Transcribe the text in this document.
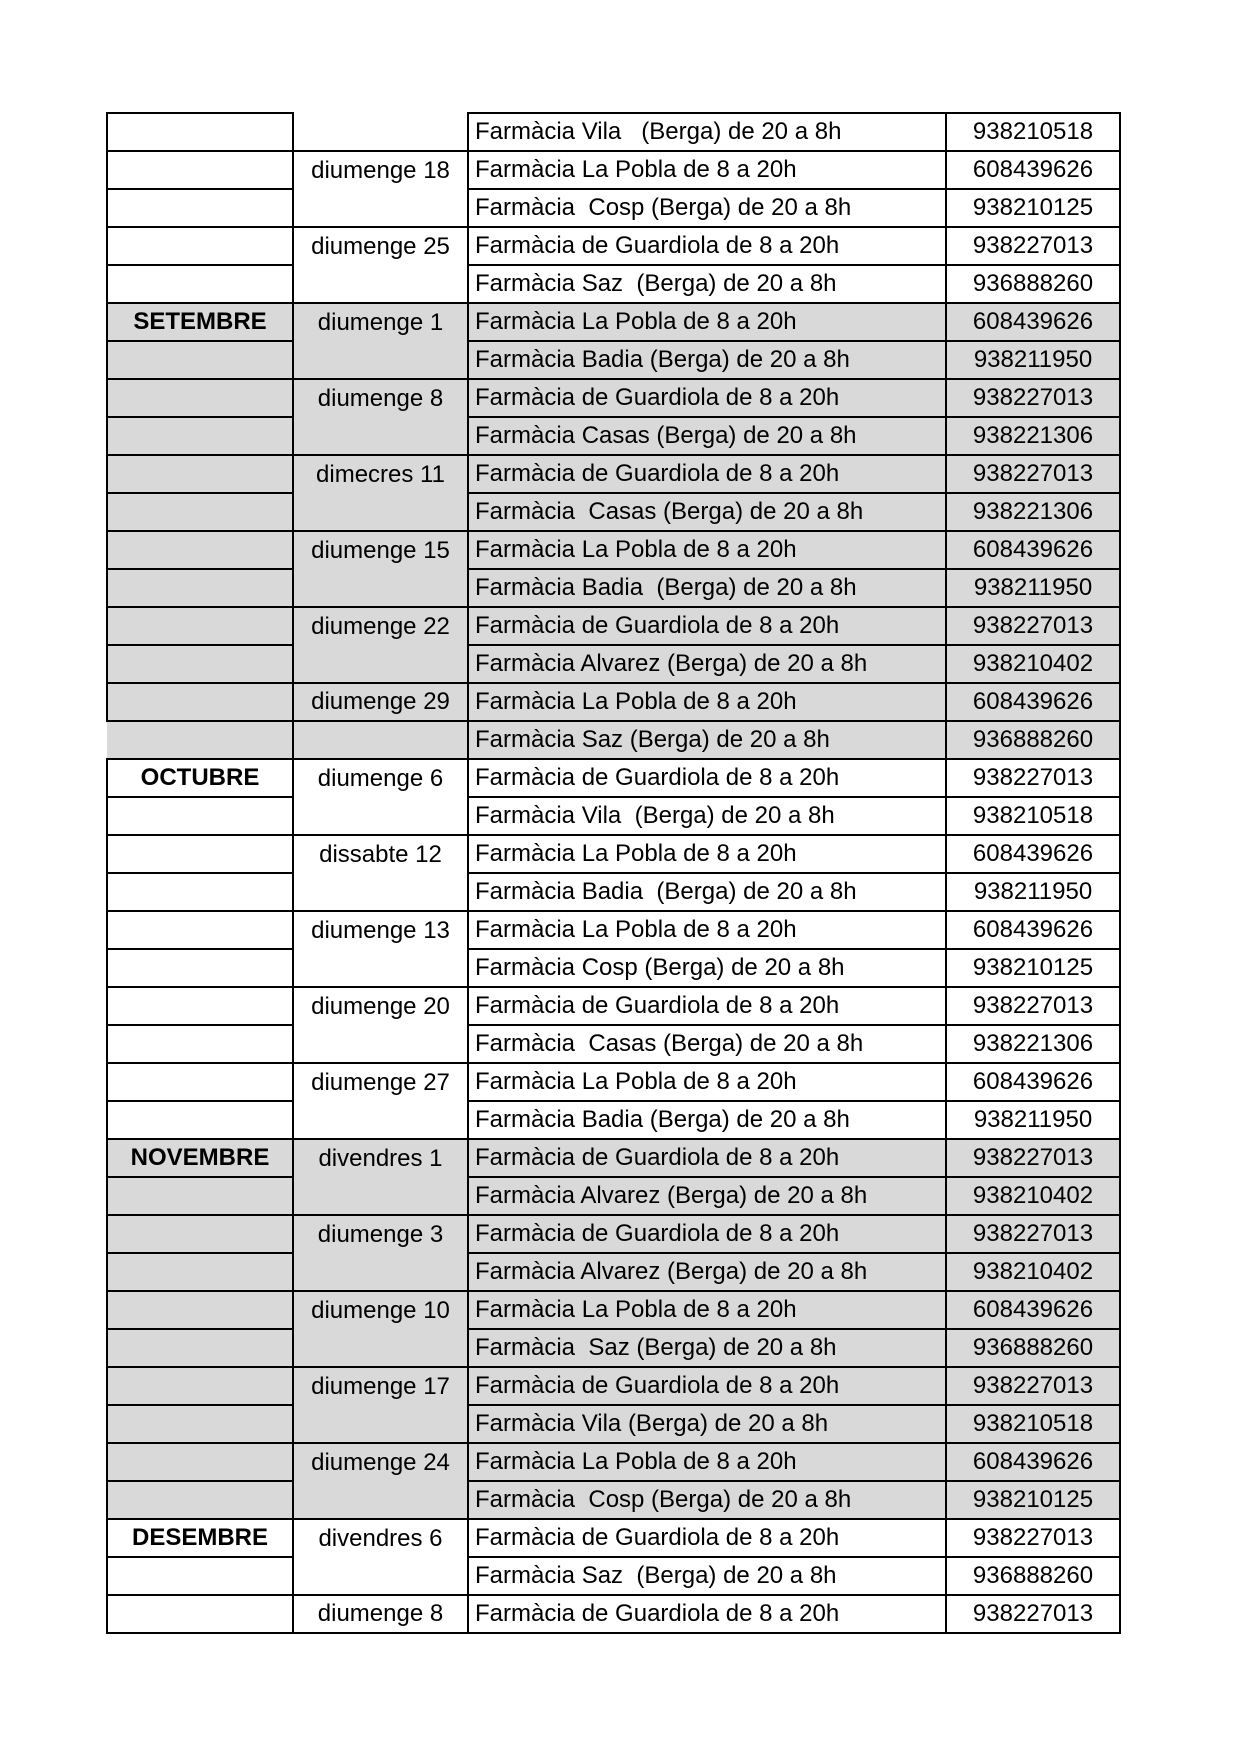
		Farmàcia Vila   (Berga) de 20 a 8h	938210518
	diumenge 18	Farmàcia La Pobla de 8 a 20h	608439626
		Farmàcia  Cosp (Berga) de 20 a 8h	938210125
	diumenge 25	Farmàcia de Guardiola de 8 a 20h	938227013
		Farmàcia Saz  (Berga) de 20 a 8h	936888260
SETEMBRE	diumenge 1	Farmàcia La Pobla de 8 a 20h	608439626
		Farmàcia Badia (Berga) de 20 a 8h	938211950
	diumenge 8	Farmàcia de Guardiola de 8 a 20h	938227013
		Farmàcia Casas (Berga) de 20 a 8h	938221306
	dimecres 11	Farmàcia de Guardiola de 8 a 20h	938227013
		Farmàcia  Casas (Berga) de 20 a 8h	938221306
	diumenge 15	Farmàcia La Pobla de 8 a 20h	608439626
		Farmàcia Badia  (Berga) de 20 a 8h	938211950
	diumenge 22	Farmàcia de Guardiola de 8 a 20h	938227013
		Farmàcia Alvarez (Berga) de 20 a 8h	938210402
	diumenge 29	Farmàcia La Pobla de 8 a 20h	608439626
		Farmàcia Saz (Berga) de 20 a 8h	936888260
OCTUBRE	diumenge 6	Farmàcia de Guardiola de 8 a 20h	938227013
		Farmàcia Vila  (Berga) de 20 a 8h	938210518
	dissabte 12	Farmàcia La Pobla de 8 a 20h	608439626
		Farmàcia Badia  (Berga) de 20 a 8h	938211950
	diumenge 13	Farmàcia La Pobla de 8 a 20h	608439626
		Farmàcia Cosp (Berga) de 20 a 8h	938210125
	diumenge 20	Farmàcia de Guardiola de 8 a 20h	938227013
		Farmàcia  Casas (Berga) de 20 a 8h	938221306
	diumenge 27	Farmàcia La Pobla de 8 a 20h	608439626
		Farmàcia Badia (Berga) de 20 a 8h	938211950
NOVEMBRE	divendres 1	Farmàcia de Guardiola de 8 a 20h	938227013
		Farmàcia Alvarez (Berga) de 20 a 8h	938210402
	diumenge 3	Farmàcia de Guardiola de 8 a 20h	938227013
		Farmàcia Alvarez (Berga) de 20 a 8h	938210402
	diumenge 10	Farmàcia La Pobla de 8 a 20h	608439626
		Farmàcia  Saz (Berga) de 20 a 8h	936888260
	diumenge 17	Farmàcia de Guardiola de 8 a 20h	938227013
		Farmàcia Vila (Berga) de 20 a 8h	938210518
	diumenge 24	Farmàcia La Pobla de 8 a 20h	608439626
		Farmàcia  Cosp (Berga) de 20 a 8h	938210125
DESEMBRE	divendres 6	Farmàcia de Guardiola de 8 a 20h	938227013
		Farmàcia Saz  (Berga) de 20 a 8h	936888260
	diumenge 8	Farmàcia de Guardiola de 8 a 20h	938227013
